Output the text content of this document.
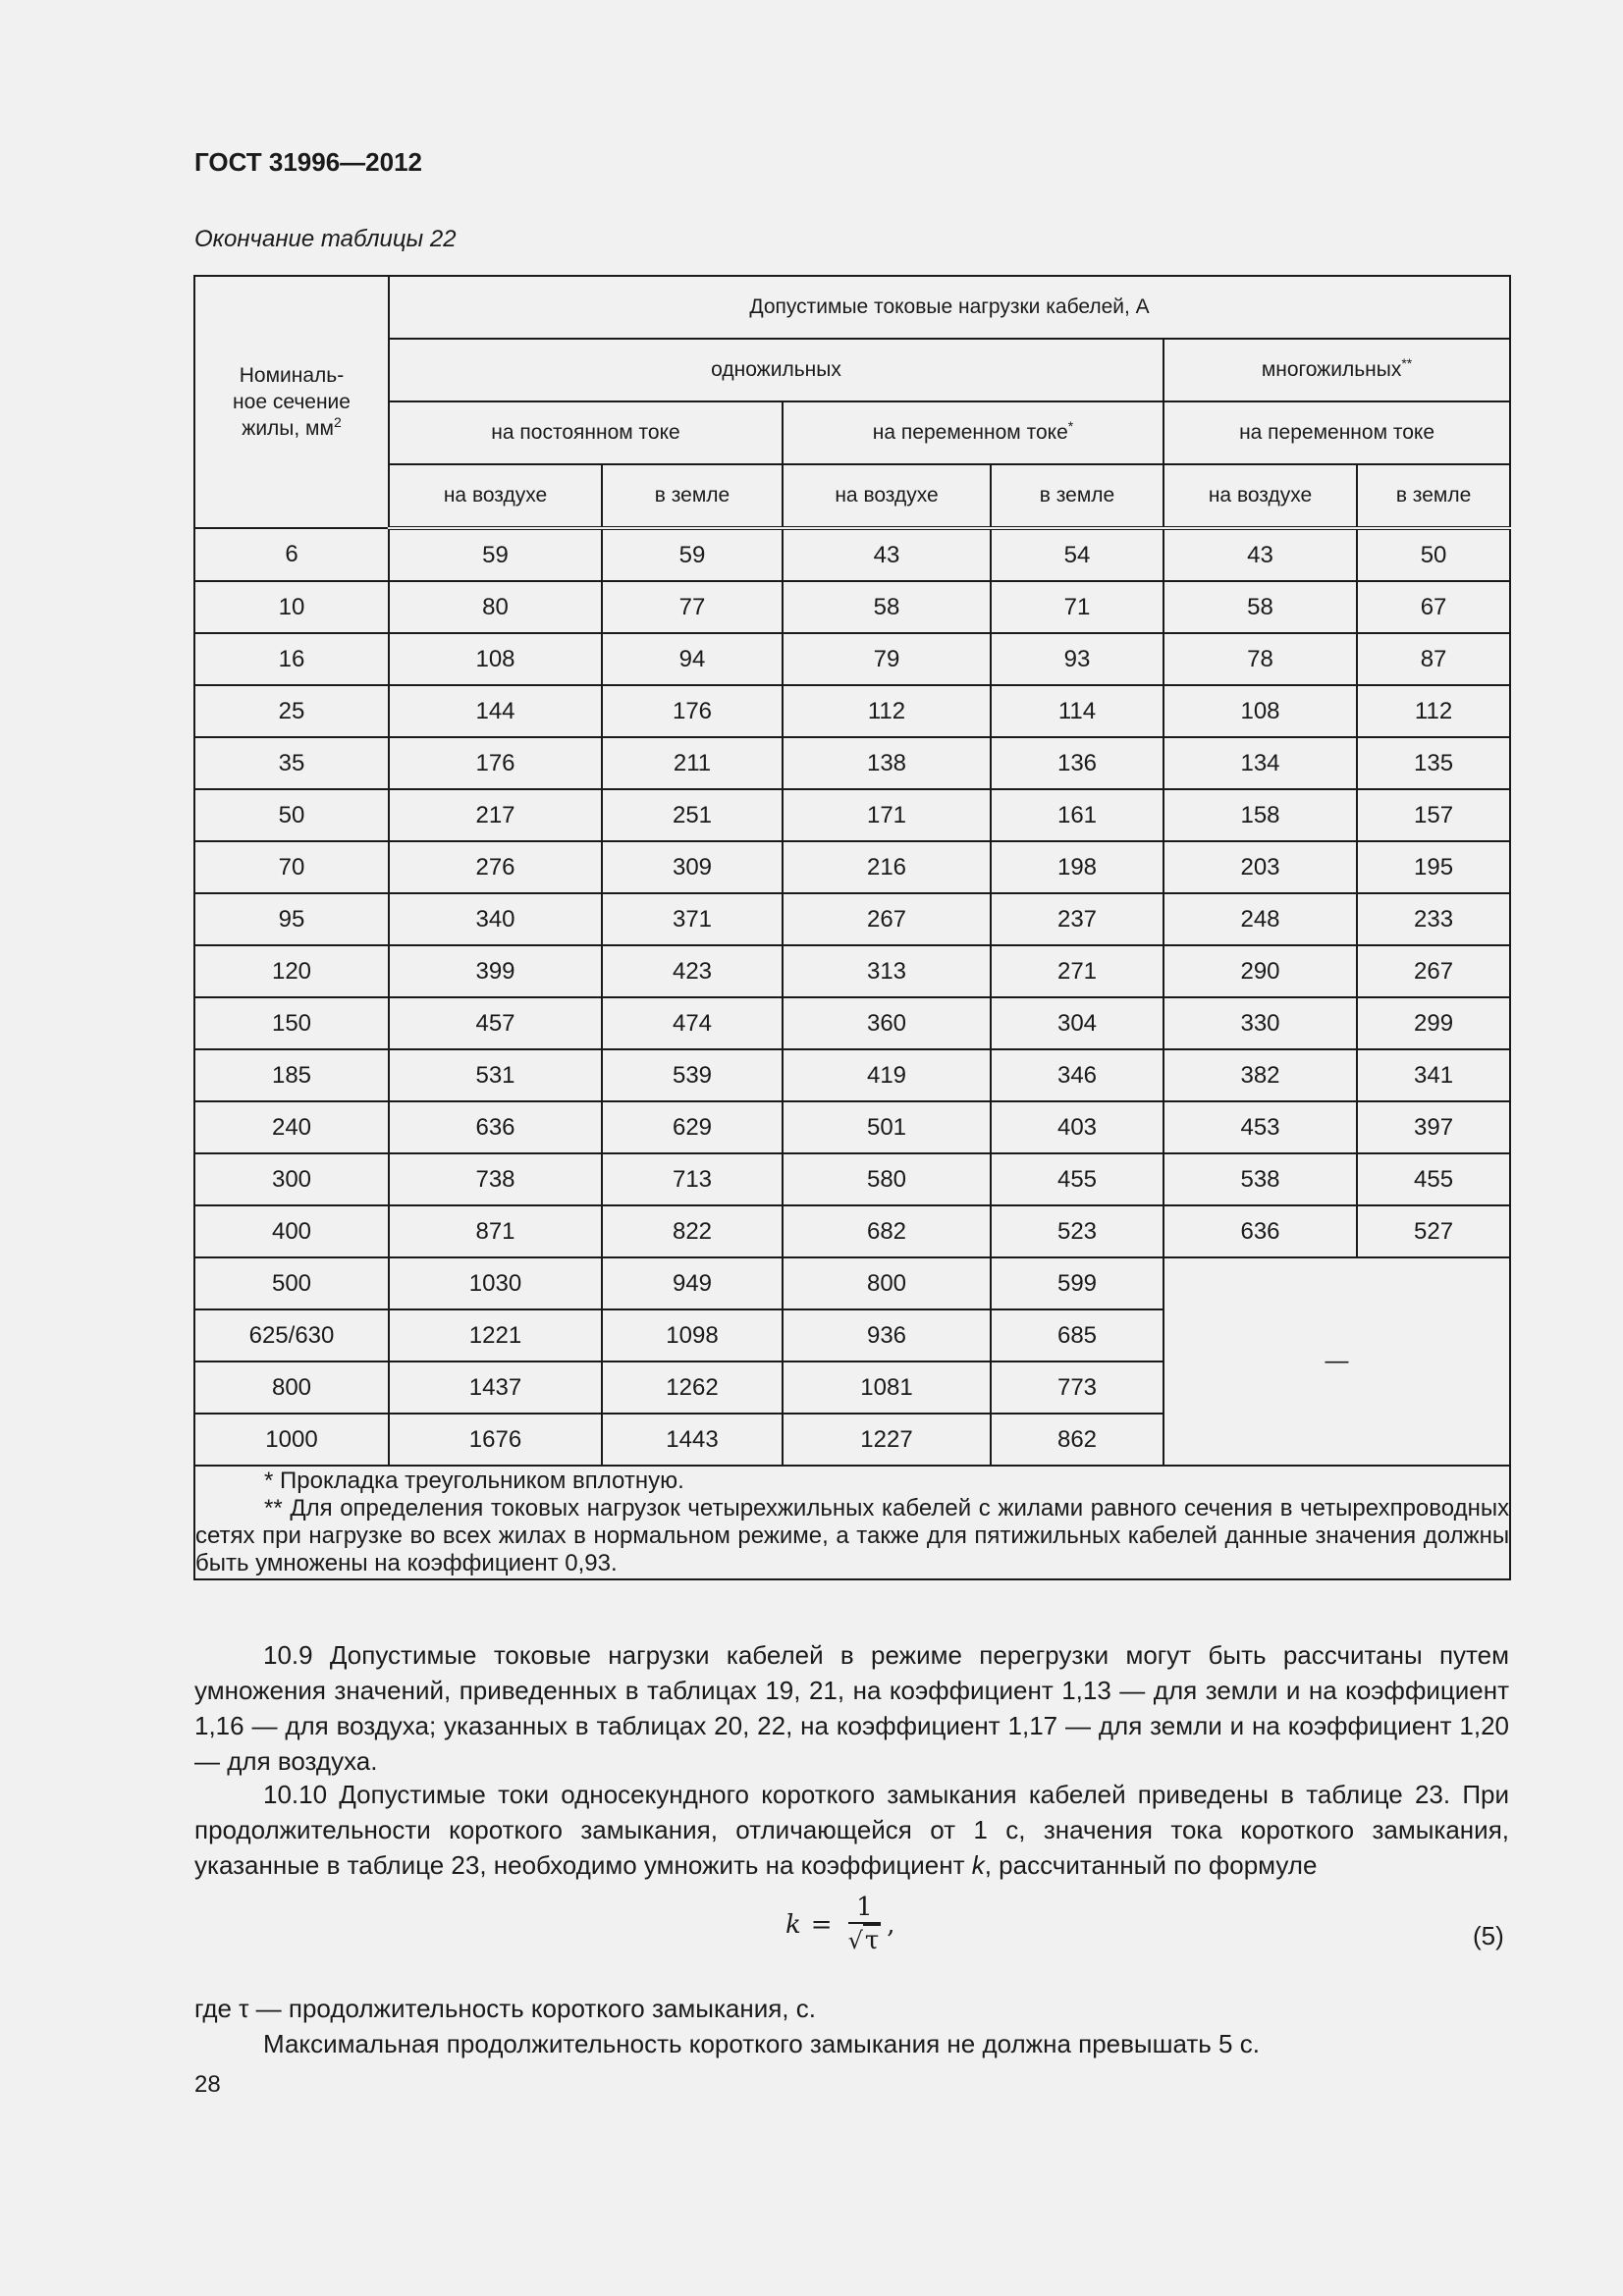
ГОСТ 31996—2012
Окончание таблицы 22
Номиналь-
ное сечение
жилы, $мм^2$	Допустимые токовые нагрузки кабелей, А					
	одножильных				многожильных**
	на постоянном токе		на переменном токе*		на переменном токе	
	на воздухе	в земле	на воздухе	в земле	на воздухе	в земле
6	59	59	43	54	43	50
10	80	77	58	71	58	67
16	108	94	79	93	78	87
25	144	176	112	114	108	112
35	176	211	138	136	134	135
50	217	251	171	161	158	157
70	276	309	216	198	203	195
95	340	371	267	237	248	233
120	399	423	313	271	290	267
150	457	474	360	304	330	299
185	531	539	419	346	382	341
240	636	629	501	403	453	397
300	738	713	580	455	538	455
400	871	822	682	523	636	527
500	1030	949	800	599	—	
625/630	1221	1098	936	685		
800	1437	1262	1081	773		
1000	1676	1443	1227	862		

* Прокладка треугольником вплотную.

** Для определения токовых нагрузок четырехжильных кабелей с жилами равного сечения в четырехпроводных сетях при нагрузке во всех жилах в нормальном режиме, а также для пятижильных кабелей данные значения должны быть умножены на коэффициент 0,93.						

10.9 Допустимые токовые нагрузки кабелей в режиме перегрузки могут быть рассчитаны путем умножения значений, приведенных в таблицах 19, 21, на коэффициент 1,13 — для земли и на коэффициент 1,16 — для воздуха; указанных в таблицах 20, 22, на коэффициент 1,17 — для земли и на коэффициент 1,20 — для воздуха.

10.10 Допустимые токи односекундного короткого замыкания кабелей приведены в таблице 23. При продолжительности короткого замыкания, отличающейся от 1 с, значения тока короткого замыкания, указанные в таблице 23, необходимо умножить на коэффициент k, рассчитанный по формуле

$k = \frac{1}{√\tau}$ ,	(5)

где τ — продолжительность короткого замыкания, с.

Максимальная продолжительность короткого замыкания не должна превышать 5 с.

28
